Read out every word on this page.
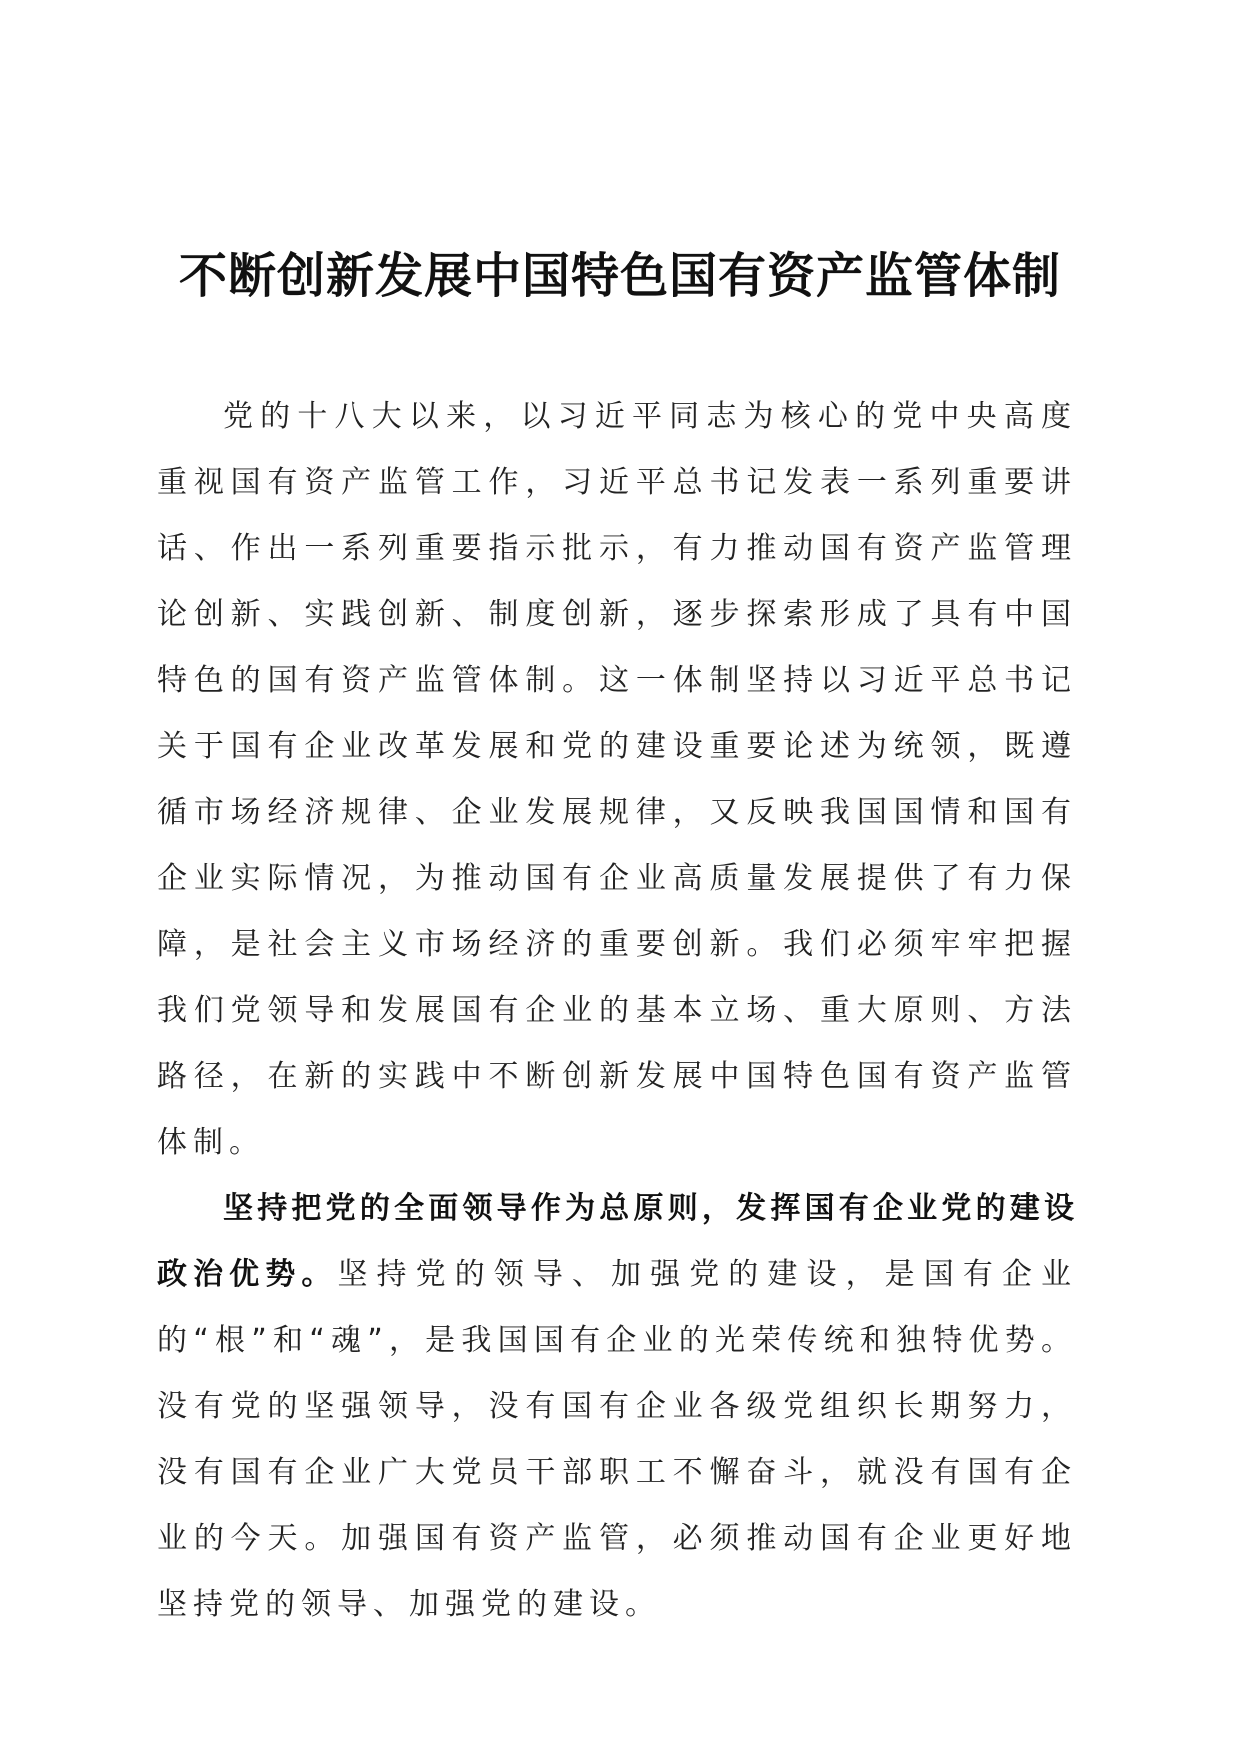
不断创新发展中国特色国有资产监管体制

党的十八大以来，以习近平同志为核心的党中央高度重视国有资产监管工作，习近平总书记发表一系列重要讲话、作出一系列重要指示批示，有力推动国有资产监管理论创新、实践创新、制度创新，逐步探索形成了具有中国特色的国有资产监管体制。这一体制坚持以习近平总书记关于国有企业改革发展和党的建设重要论述为统领，既遵循市场经济规律、企业发展规律，又反映我国国情和国有企业实际情况，为推动国有企业高质量发展提供了有力保障，是社会主义市场经济的重要创新。我们必须牢牢把握我们党领导和发展国有企业的基本立场、重大原则、方法路径，在新的实践中不断创新发展中国特色国有资产监管体制。

坚持把党的全面领导作为总原则，发挥国有企业党的建设政治优势。坚持党的领导、加强党的建设，是国有企业的“根”和“魂”，是我国国有企业的光荣传统和独特优势。没有党的坚强领导，没有国有企业各级党组织长期努力，没有国有企业广大党员干部职工不懈奋斗，就没有国有企业的今天。加强国有资产监管，必须推动国有企业更好地坚持党的领导、加强党的建设。
